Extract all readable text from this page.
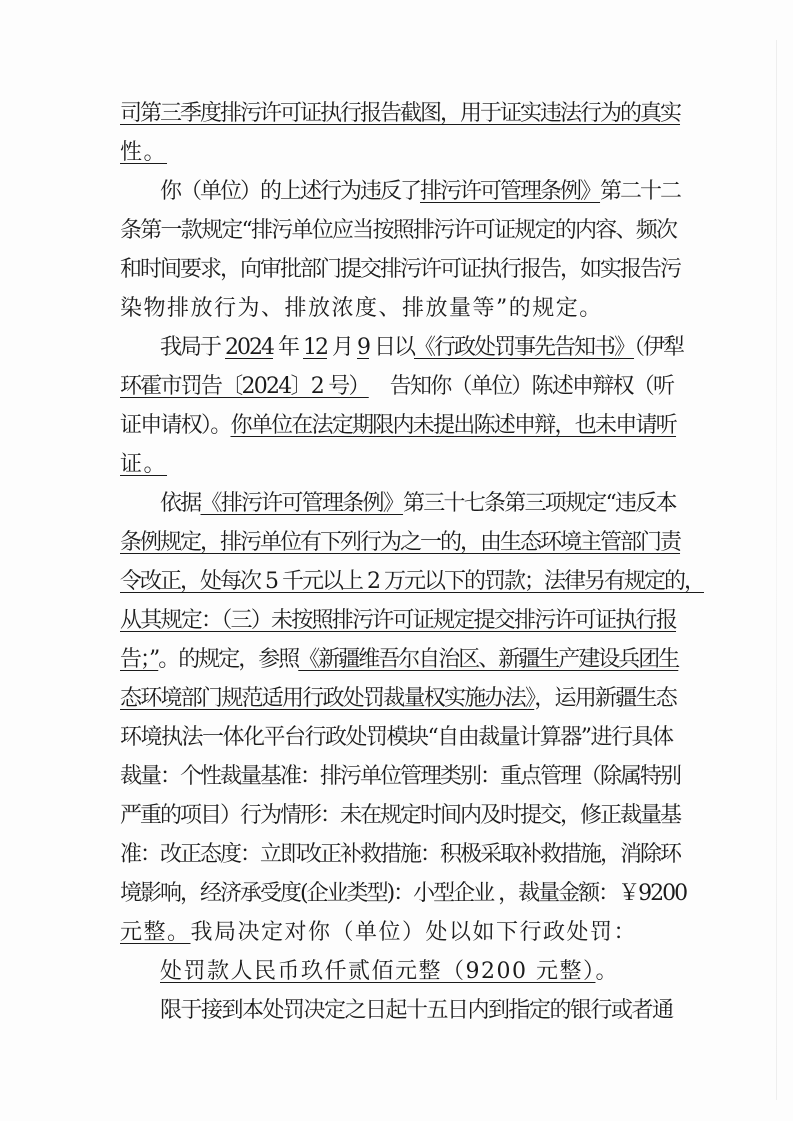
司第三季度排污许可证执行报告截图，用于证实违法行为的真实
性。
你（单位）的上述行为违反了排污许可管理条例》第二十二
条第一款规定“排污单位应当按照排污许可证规定的内容、频次
和时间要求，向审批部门提交排污许可证执行报告，如实报告污
染物排放行为、排放浓度、排放量等”的规定。
我局于 2024 年 12 月 9 日以《行政处罚事先告知书》（伊犁
环霍市罚告〔2024〕2 号）    告知你（单位）陈述申辩权（听
证申请权）。你单位在法定期限内未提出陈述申辩，也未申请听
证。
依据《排污许可管理条例》第三十七条第三项规定“违反本
条例规定，排污单位有下列行为之一的，由生态环境主管部门责
令改正，处每次 5 千元以上 2 万元以下的罚款；法律另有规定的，
从其规定：（三）未按照排污许可证规定提交排污许可证执行报
告；”。的规定，参照《新疆维吾尔自治区、新疆生产建设兵团生
态环境部门规范适用行政处罚裁量权实施办法》，运用新疆生态
环境执法一体化平台行政处罚模块“自由裁量计算器”进行具体
裁量：个性裁量基准：排污单位管理类别：重点管理（除属特别
严重的项目）行为情形：未在规定时间内及时提交，修正裁量基
准：改正态度：立即改正补救措施：积极采取补救措施，消除环
境影响，经济承受度(企业类型)：小型企业 ，裁量金额：￥9200
元整。我局决定对你（单位）处以如下行政处罚：
处罚款人民币玖仟贰佰元整（9200 元整）。
限于接到本处罚决定之日起十五日内到指定的银行或者通
